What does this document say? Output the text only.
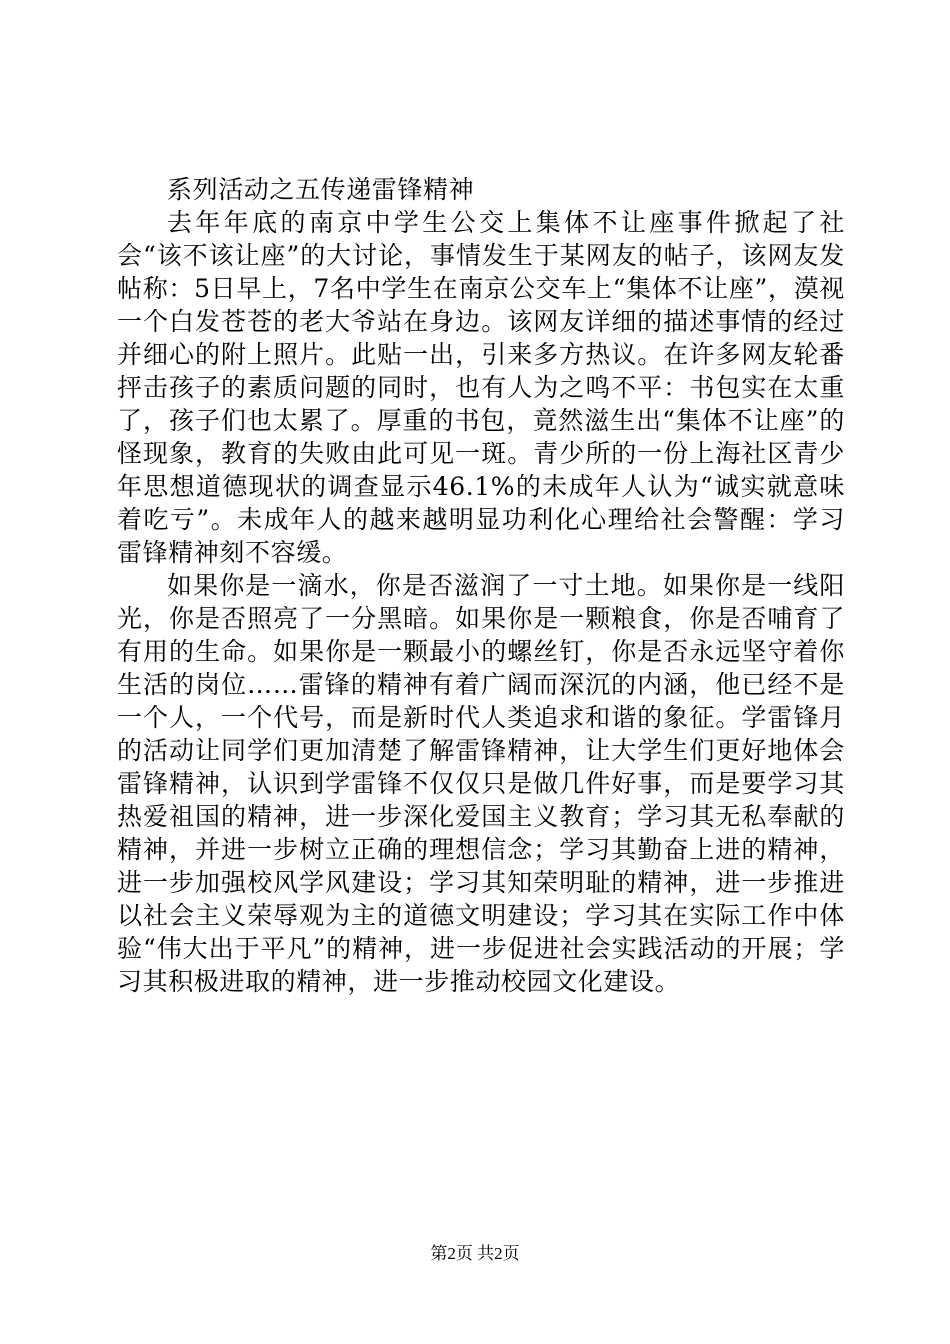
系列活动之五传递雷锋精神

去年年底的南京中学生公交上集体不让座事件掀起了社会“该不该让座”的大讨论，事情发生于某网友的帖子，该网友发帖称：5日早上，7名中学生在南京公交车上“集体不让座”，漠视一个白发苍苍的老大爷站在身边。该网友详细的描述事情的经过并细心的附上照片。此贴一出，引来多方热议。在许多网友轮番抨击孩子的素质问题的同时，也有人为之鸣不平：书包实在太重了，孩子们也太累了。厚重的书包，竟然滋生出“集体不让座”的怪现象，教育的失败由此可见一斑。青少所的一份上海社区青少年思想道德现状的调查显示46.1%的未成年人认为“诚实就意味着吃亏”。未成年人的越来越明显功利化心理给社会警醒：学习雷锋精神刻不容缓。

如果你是一滴水，你是否滋润了一寸土地。如果你是一线阳光，你是否照亮了一分黑暗。如果你是一颗粮食，你是否哺育了有用的生命。如果你是一颗最小的螺丝钉，你是否永远坚守着你生活的岗位……雷锋的精神有着广阔而深沉的内涵，他已经不是一个人，一个代号，而是新时代人类追求和谐的象征。学雷锋月的活动让同学们更加清楚了解雷锋精神，让大学生们更好地体会雷锋精神，认识到学雷锋不仅仅只是做几件好事，而是要学习其热爱祖国的精神，进一步深化爱国主义教育；学习其无私奉献的精神，并进一步树立正确的理想信念；学习其勤奋上进的精神，进一步加强校风学风建设；学习其知荣明耻的精神，进一步推进以社会主义荣辱观为主的道德文明建设；学习其在实际工作中体验“伟大出于平凡”的精神，进一步促进社会实践活动的开展；学习其积极进取的精神，进一步推动校园文化建设。

第2页 共2页
